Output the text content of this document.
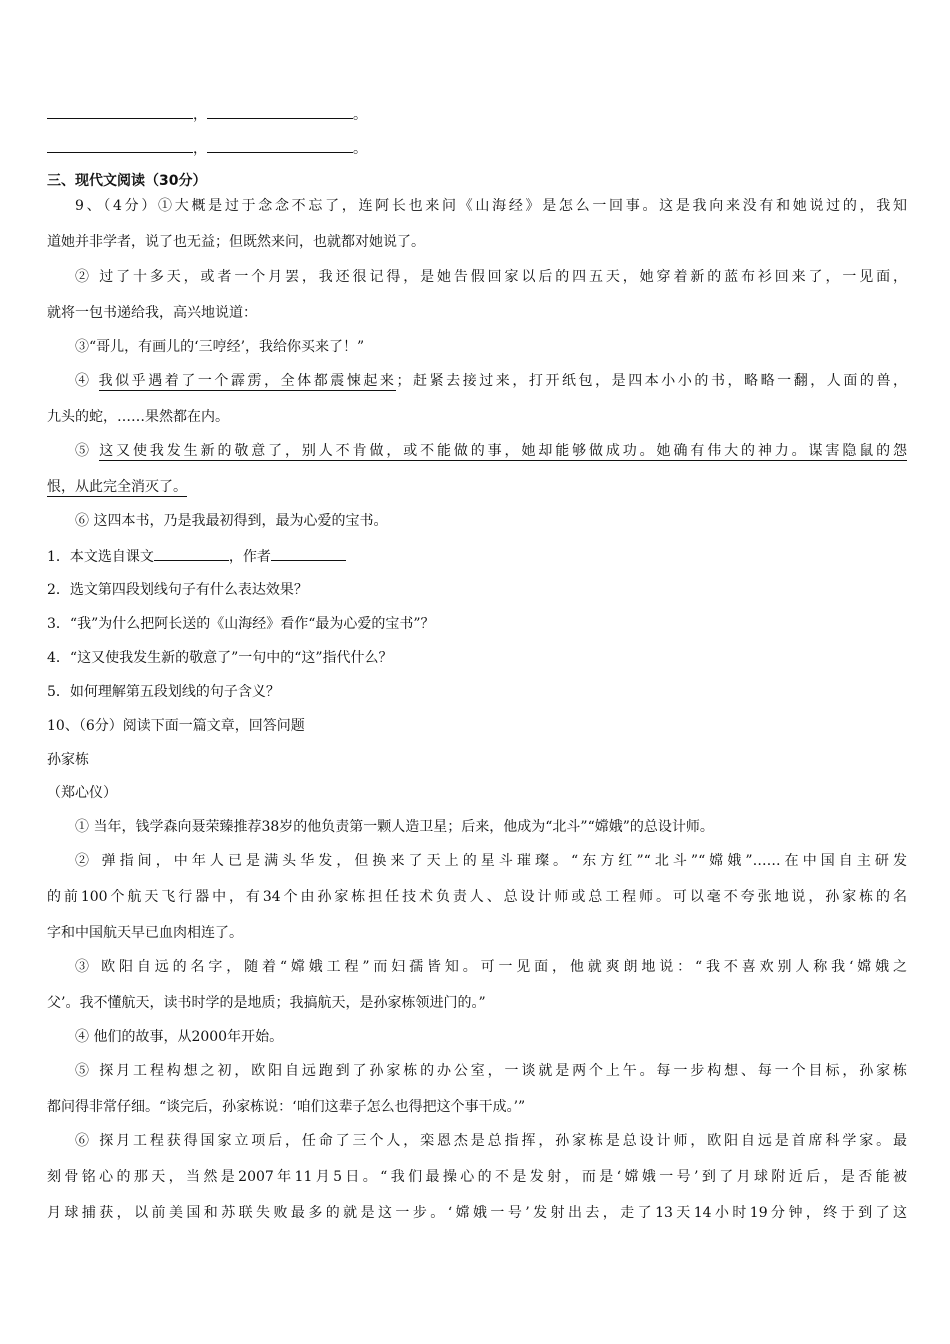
，	。
，	。
三、现代文阅读（30分）
9、（4分）①大概是过于念念不忘了，连阿长也来问《山海经》是怎么一回事。这是我向来没有和她说过的，我知
道她并非学者，说了也无益；但既然来问，也就都对她说了。
② 过了十多天，或者一个月罢，我还很记得，是她告假回家以后的四五天，她穿着新的蓝布衫回来了，一见面，
就将一包书递给我，高兴地说道：
③“哥儿，有画儿的‘三哼经’，我给你买来了！”
④ 我似乎遇着了一个霹雳，全体都震悚起来；赶紧去接过来，打开纸包，是四本小小的书，略略一翻，人面的兽，
九头的蛇，……果然都在内。
⑤ 这又使我发生新的敬意了，别人不肯做，或不能做的事，她却能够做成功。她确有伟大的神力。谋害隐鼠的怨
恨，从此完全消灭了。
⑥ 这四本书，乃是我最初得到，最为心爱的宝书。
1．本文选自课文	，作者
2．选文第四段划线句子有什么表达效果？
3．“我”为什么把阿长送的《山海经》看作“最为心爱的宝书”？
4．“这又使我发生新的敬意了”一句中的“这”指代什么？
5．如何理解第五段划线的句子含义？
10、（6分）阅读下面一篇文章，回答问题
孙家栋
（郑心仪）
① 当年，钱学森向聂荣臻推荐38岁的他负责第一颗人造卫星；后来，他成为“北斗”“嫦娥”的总设计师。
② 弹指间，中年人已是满头华发，但换来了天上的星斗璀璨。“东方红”“北斗”“嫦娥”……在中国自主研发
的前100个航天飞行器中，有34个由孙家栋担任技术负责人、总设计师或总工程师。可以毫不夸张地说，孙家栋的名
字和中国航天早已血肉相连了。
③ 欧阳自远的名字，随着“嫦娥工程”而妇孺皆知。可一见面，他就爽朗地说：“我不喜欢别人称我‘嫦娥之
父’。我不懂航天，读书时学的是地质；我搞航天，是孙家栋领进门的。”
④ 他们的故事，从2000年开始。
⑤ 探月工程构想之初，欧阳自远跑到了孙家栋的办公室，一谈就是两个上午。每一步构想、每一个目标，孙家栋
都问得非常仔细。“谈完后，孙家栋说：‘咱们这辈子怎么也得把这个事干成。’”
⑥ 探月工程获得国家立项后，任命了三个人，栾恩杰是总指挥，孙家栋是总设计师，欧阳自远是首席科学家。最
刻骨铭心的那天，当然是2007年11月5日。“我们最操心的不是发射，而是‘嫦娥一号’到了月球附近后，是否能被
月球捕获，以前美国和苏联失败最多的就是这一步。‘嫦娥一号’发射出去，走了13天14小时19分钟，终于到了这
